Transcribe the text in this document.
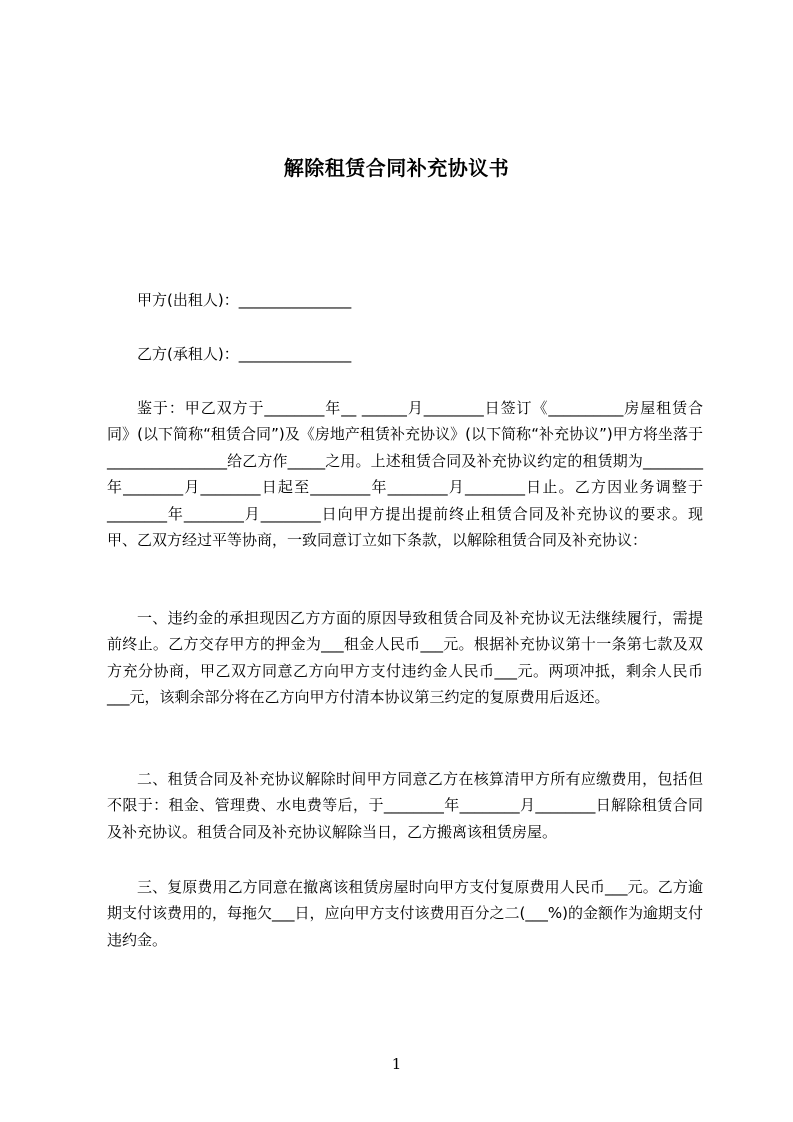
解除租赁合同补充协议书
甲方(出租人)：_______________
乙方(承租人)：_______________

鉴于：甲乙双方于________年__ ______月________日签订《__________房屋租赁合同》(以下简称“租赁合同”)及《房地产租赁补充协议》(以下简称“补充协议”)甲方将坐落于________________给乙方作_____之用。上述租赁合同及补充协议约定的租赁期为________年________月________日起至________年________月________日止。乙方因业务调整于________年________月________日向甲方提出提前终止租赁合同及补充协议的要求。现甲、乙双方经过平等协商，一致同意订立如下条款，以解除租赁合同及补充协议：

一、违约金的承担现因乙方方面的原因导致租赁合同及补充协议无法继续履行，需提前终止。乙方交存甲方的押金为___租金人民币___元。根据补充协议第十一条第七款及双方充分协商，甲乙双方同意乙方向甲方支付违约金人民币___元。两项冲抵，剩余人民币___元，该剩余部分将在乙方向甲方付清本协议第三约定的复原费用后返还。

二、租赁合同及补充协议解除时间甲方同意乙方在核算清甲方所有应缴费用，包括但不限于：租金、管理费、水电费等后，于________年________月________日解除租赁合同及补充协议。租赁合同及补充协议解除当日，乙方搬离该租赁房屋。

三、复原费用乙方同意在撤离该租赁房屋时向甲方支付复原费用人民币___元。乙方逾期支付该费用的，每拖欠___日，应向甲方支付该费用百分之二(___%)的金额作为逾期支付违约金。

1
